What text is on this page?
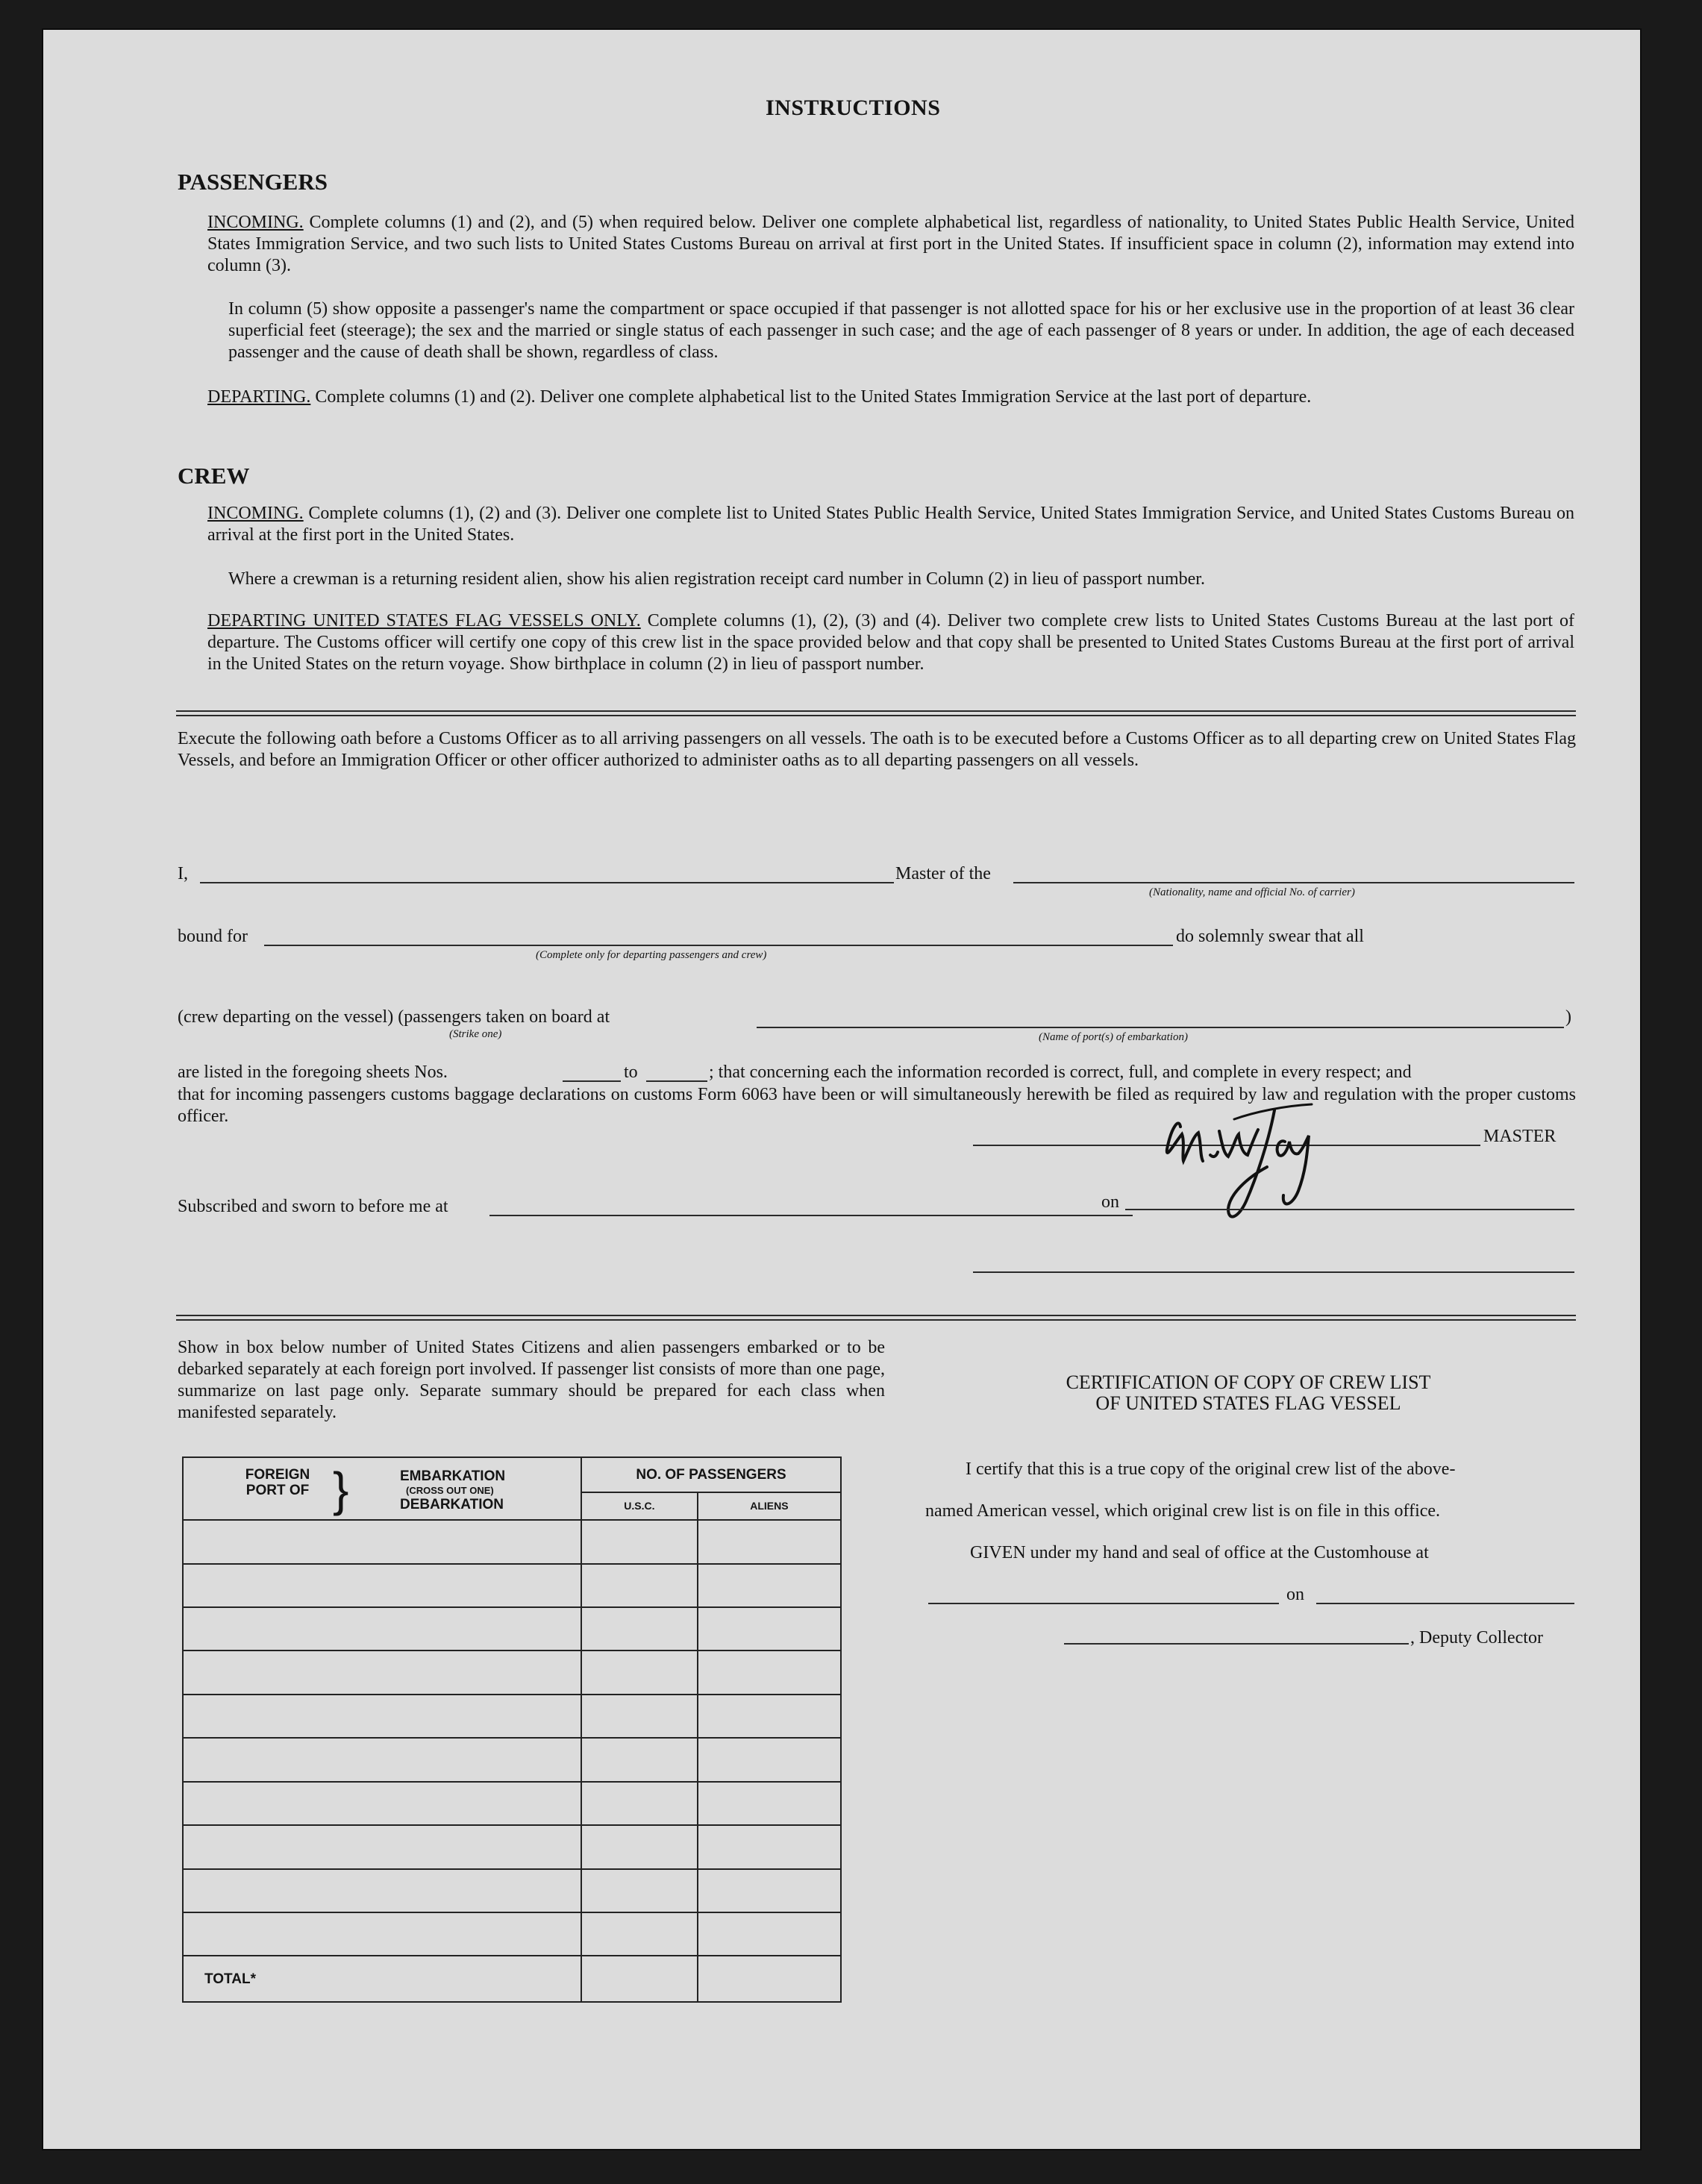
INSTRUCTIONS
PASSENGERS
INCOMING. Complete columns (1) and (2), and (5) when required below. Deliver one complete alphabetical list, regardless of nationality, to United States Public Health Service, United States Immigration Service, and two such lists to United States Customs Bureau on arrival at first port in the United States. If insufficient space in column (2), information may extend into column (3).
In column (5) show opposite a passenger's name the compartment or space occupied if that passenger is not allotted space for his or her exclusive use in the proportion of at least 36 clear superficial feet (steerage); the sex and the married or single status of each passenger in such case; and the age of each passenger of 8 years or under. In addition, the age of each deceased passenger and the cause of death shall be shown, regardless of class.
DEPARTING. Complete columns (1) and (2). Deliver one complete alphabetical list to the United States Immigration Service at the last port of departure.
CREW
INCOMING. Complete columns (1), (2) and (3). Deliver one complete list to United States Public Health Service, United States Immigration Service, and United States Customs Bureau on arrival at the first port in the United States.
Where a crewman is a returning resident alien, show his alien registration receipt card number in Column (2) in lieu of passport number.
DEPARTING UNITED STATES FLAG VESSELS ONLY. Complete columns (1), (2), (3) and (4). Deliver two complete crew lists to United States Customs Bureau at the last port of departure. The Customs officer will certify one copy of this crew list in the space provided below and that copy shall be presented to United States Customs Bureau at the first port of arrival in the United States on the return voyage. Show birthplace in column (2) in lieu of passport number.
Execute the following oath before a Customs Officer as to all arriving passengers on all vessels. The oath is to be executed before a Customs Officer as to all departing crew on United States Flag Vessels, and before an Immigration Officer or other officer authorized to administer oaths as to all departing passengers on all vessels.
I,	Master of the
(Nationality, name and official No. of carrier)
bound for
(Complete only for departing passengers and crew)
do solemnly swear that all
(crew departing on the vessel) (passengers taken on board at	)
(Strike one)	(Name of port(s) of embarkation)
are listed in the foregoing sheets Nos.	to	; that concerning each the information recorded is correct, full, and complete in every respect; and
that for incoming passengers customs baggage declarations on customs Form 6063 have been or will simultaneously herewith be filed as required by law and regulation with the proper customs officer.
MASTER
Subscribed and sworn to before me at	on
Show in box below number of United States Citizens and alien passengers embarked or to be debarked separately at each foreign port involved. If passenger list consists of more than one page, summarize on last page only. Separate summary should be prepared for each class when manifested separately.
FOREIGN PORT OF } EMBARKATION
(CROSS OUT ONE)
DEBARKATION	NO. OF PASSENGERS	
	U.S.C.	ALIENS

TOTAL*		

CERTIFICATION OF COPY OF CREW LIST
OF UNITED STATES FLAG VESSEL
I certify that this is a true copy of the original crew list of the above-
named American vessel, which original crew list is on file in this office.
GIVEN under my hand and seal of office at the Customhouse at
on
, Deputy Collector
